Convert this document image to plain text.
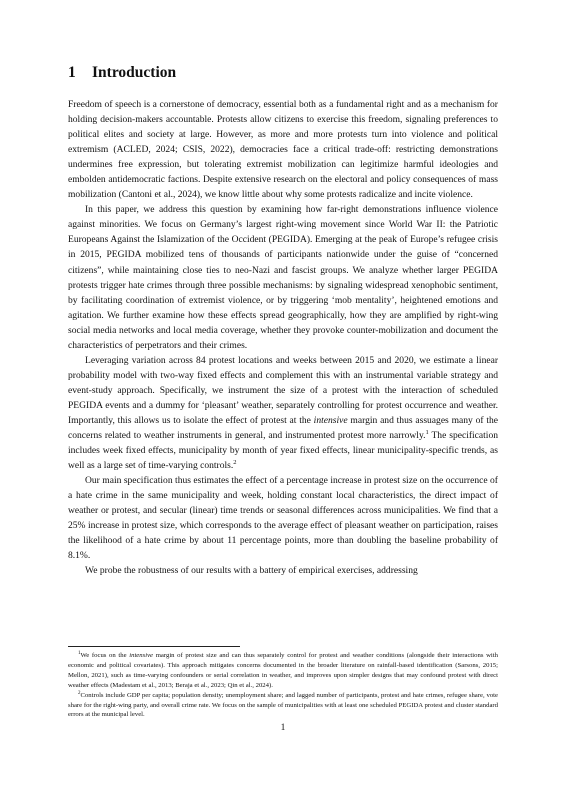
1 Introduction

Freedom of speech is a cornerstone of democracy, essential both as a fundamental right and as a mechanism for holding decision-makers accountable. Protests allow citizens to exercise this freedom, signaling preferences to political elites and society at large. However, as more and more protests turn into violence and political extremism (ACLED, 2024; CSIS, 2022), democracies face a critical trade-off: restricting demonstrations undermines free expression, but tolerating extremist mobilization can legitimize harmful ideologies and embolden antidemocratic factions. Despite extensive research on the electoral and policy consequences of mass mobilization (Cantoni et al., 2024), we know little about why some protests radicalize and incite violence.

In this paper, we address this question by examining how far-right demonstrations influence violence against minorities. We focus on Germany’s largest right-wing movement since World War II: the Patriotic Europeans Against the Islamization of the Occident (PEGIDA). Emerging at the peak of Europe’s refugee crisis in 2015, PEGIDA mobilized tens of thousands of participants nationwide under the guise of “concerned citizens”, while maintaining close ties to neo-Nazi and fascist groups. We analyze whether larger PEGIDA protests trigger hate crimes through three possible mechanisms: by signaling widespread xenophobic sentiment, by facilitating coordination of extremist violence, or by triggering ‘mob mentality’, heightened emotions and agitation. We further examine how these effects spread geographically, how they are amplified by right-wing social media networks and local media coverage, whether they provoke counter-mobilization and document the characteristics of perpetrators and their crimes.

Leveraging variation across 84 protest locations and weeks between 2015 and 2020, we estimate a linear probability model with two-way fixed effects and complement this with an instrumental variable strategy and event-study approach. Specifically, we instrument the size of a protest with the interaction of scheduled PEGIDA events and a dummy for ‘pleasant’ weather, separately controlling for protest occurrence and weather. Importantly, this allows us to isolate the effect of protest at the intensive margin and thus assuages many of the concerns related to weather instruments in general, and instrumented protest more narrowly.$^1$ The specification includes week fixed effects, municipality by month of year fixed effects, linear municipality-specific trends, as well as a large set of time-varying controls.$^2$

Our main specification thus estimates the effect of a percentage increase in protest size on the occurrence of a hate crime in the same municipality and week, holding constant local characteristics, the direct impact of weather or protest, and secular (linear) time trends or seasonal differences across municipalities. We find that a 25% increase in protest size, which corresponds to the average effect of pleasant weather on participation, raises the likelihood of a hate crime by about 11 percentage points, more than doubling the baseline probability of 8.1%.

We probe the robustness of our results with a battery of empirical exercises, addressing

$^1$We focus on the intensive margin of protest size and can thus separately control for protest and weather conditions (alongside their interactions with economic and political covariates). This approach mitigates concerns documented in the broader literature on rainfall-based identification (Sarsons, 2015; Mellon, 2021), such as time-varying confounders or serial correlation in weather, and improves upon simpler designs that may confound protest with direct weather effects (Madestam et al., 2013; Beraja et al., 2023; Qin et al., 2024).

$^2$Controls include GDP per capita; population density; unemployment share; and lagged number of participants, protest and hate crimes, refugee share, vote share for the right-wing party, and overall crime rate. We focus on the sample of municipalities with at least one scheduled PEGIDA protest and cluster standard errors at the municipal level.

1
